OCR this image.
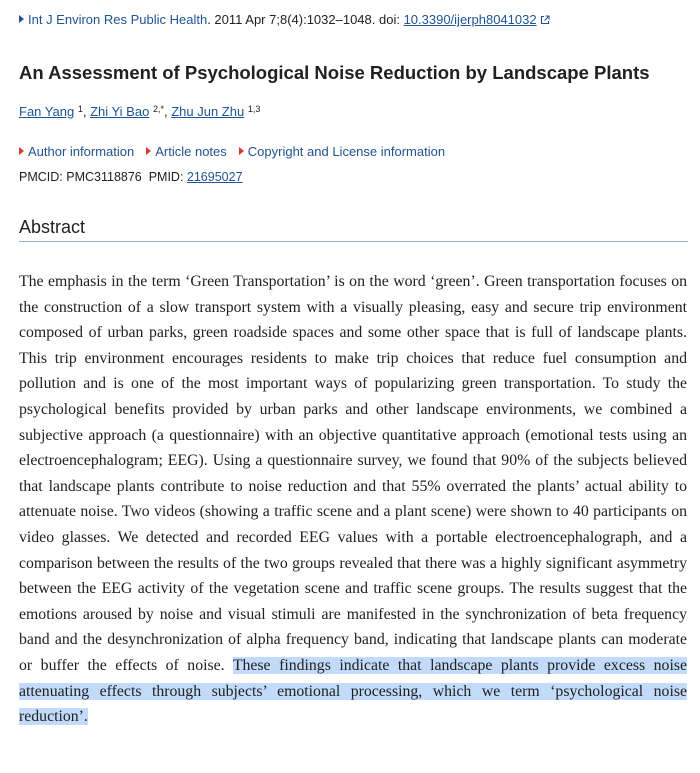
Int J Environ Res Public Health. 2011 Apr 7;8(4):1032–1048. doi: 10.3390/ijerph8041032
An Assessment of Psychological Noise Reduction by Landscape Plants
Fan Yang $^1$, Zhi Yi Bao $^{2,*}$, Zhu Jun Zhu $^{1,3}$
Author information Article notes Copyright and License information
PMCID: PMC3118876 PMID: 21695027
Abstract

The emphasis in the term ‘Green Transportation’ is on the word ‘green’. Green transportation focuses on the construction of a slow transport system with a visually pleasing, easy and secure trip environment composed of urban parks, green roadside spaces and some other space that is full of landscape plants. This trip environment encourages residents to make trip choices that reduce fuel consumption and pollution and is one of the most important ways of popularizing green transportation. To study the psychological benefits provided by urban parks and other landscape environments, we combined a subjective approach (a questionnaire) with an objective quantitative approach (emotional tests using an electroencephalogram; EEG). Using a questionnaire survey, we found that 90% of the subjects believed that landscape plants contribute to noise reduction and that 55% overrated the plants’ actual ability to attenuate noise. Two videos (showing a traffic scene and a plant scene) were shown to 40 participants on video glasses. We detected and recorded EEG values with a portable electroencephalograph, and a comparison between the results of the two groups revealed that there was a highly significant asymmetry between the EEG activity of the vegetation scene and traffic scene groups. The results suggest that the emotions aroused by noise and visual stimuli are manifested in the synchronization of beta frequency band and the desynchronization of alpha frequency band, indicating that landscape plants can moderate or buffer the effects of noise. These findings indicate that landscape plants provide excess noise attenuating effects through subjects’ emotional processing, which we term ‘psychological noise reduction’.
